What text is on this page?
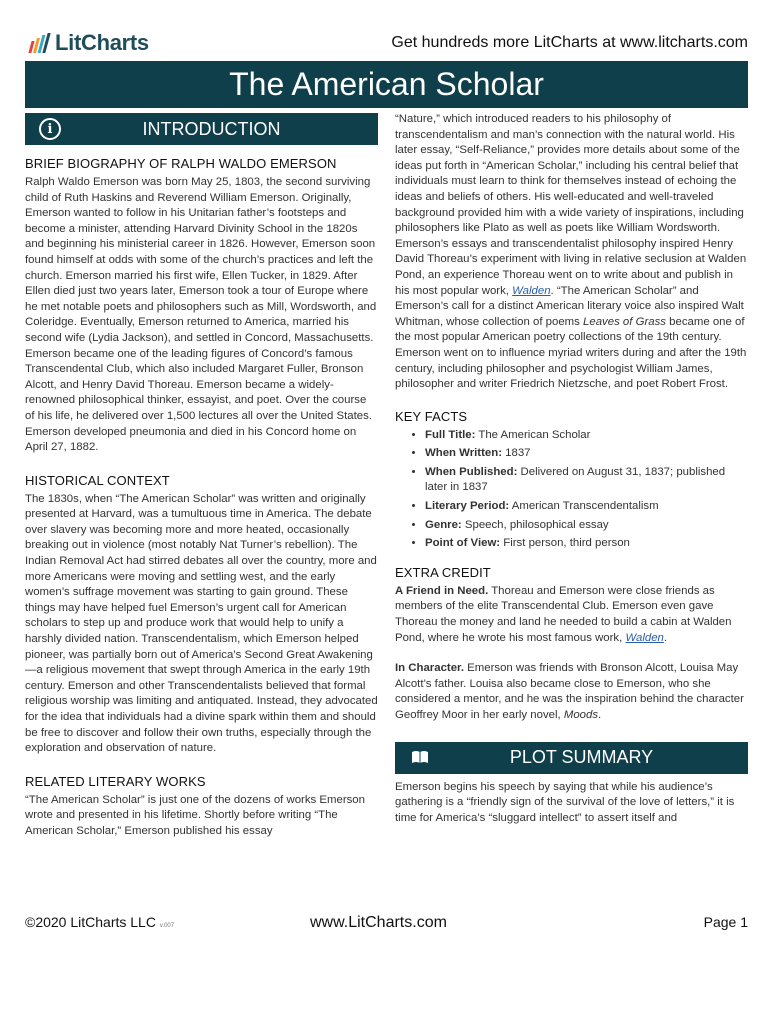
LitCharts	Get hundreds more LitCharts at www.litcharts.com
The American Scholar
i	INTRODUCTION
BRIEF BIOGRAPHY OF RALPH WALDO EMERSON

Ralph Waldo Emerson was born May 25, 1803, the second surviving child of Ruth Haskins and Reverend William Emerson. Originally, Emerson wanted to follow in his Unitarian father’s footsteps and become a minister, attending Harvard Divinity School in the 1820s and beginning his ministerial career in 1826. However, Emerson soon found himself at odds with some of the church’s practices and left the church. Emerson married his first wife, Ellen Tucker, in 1829. After Ellen died just two years later, Emerson took a tour of Europe where he met notable poets and philosophers such as Mill, Wordsworth, and Coleridge. Eventually, Emerson returned to America, married his second wife (Lydia Jackson), and settled in Concord, Massachusetts. Emerson became one of the leading figures of Concord’s famous Transcendental Club, which also included Margaret Fuller, Bronson Alcott, and Henry David Thoreau. Emerson became a widely-renowned philosophical thinker, essayist, and poet. Over the course of his life, he delivered over 1,500 lectures all over the United States. Emerson developed pneumonia and died in his Concord home on April 27, 1882.

HISTORICAL CONTEXT

The 1830s, when “The American Scholar” was written and originally presented at Harvard, was a tumultuous time in America. The debate over slavery was becoming more and more heated, occasionally breaking out in violence (most notably Nat Turner’s rebellion). The Indian Removal Act had stirred debates all over the country, more and more Americans were moving and settling west, and the early women’s suffrage movement was starting to gain ground. These things may have helped fuel Emerson’s urgent call for American scholars to step up and produce work that would help to unify a harshly divided nation. Transcendentalism, which Emerson helped pioneer, was partially born out of America’s Second Great Awakening—a religious movement that swept through America in the early 19th century. Emerson and other Transcendentalists believed that formal religious worship was limiting and antiquated. Instead, they advocated for the idea that individuals had a divine spark within them and should be free to discover and follow their own truths, especially through the exploration and observation of nature.

RELATED LITERARY WORKS

“The American Scholar” is just one of the dozens of works Emerson wrote and presented in his lifetime. Shortly before writing “The American Scholar,” Emerson published his essay

“Nature,” which introduced readers to his philosophy of transcendentalism and man’s connection with the natural world. His later essay, “Self-Reliance,” provides more details about some of the ideas put forth in “American Scholar,” including his central belief that individuals must learn to think for themselves instead of echoing the ideas and beliefs of others. His well-educated and well-traveled background provided him with a wide variety of inspirations, including philosophers like Plato as well as poets like William Wordsworth. Emerson’s essays and transcendentalist philosophy inspired Henry David Thoreau’s experiment with living in relative seclusion at Walden Pond, an experience Thoreau went on to write about and publish in his most popular work, Walden. “The American Scholar” and Emerson’s call for a distinct American literary voice also inspired Walt Whitman, whose collection of poems Leaves of Grass became one of the most popular American poetry collections of the 19th century. Emerson went on to influence myriad writers during and after the 19th century, including philosopher and psychologist William James, philosopher and writer Friedrich Nietzsche, and poet Robert Frost.

KEY FACTS
• Full Title: The American Scholar
• When Written: 1837
• When Published: Delivered on August 31, 1837; published later in 1837
• Literary Period: American Transcendentalism
• Genre: Speech, philosophical essay
• Point of View: First person, third person
EXTRA CREDIT

A Friend in Need. Thoreau and Emerson were close friends as members of the elite Transcendental Club. Emerson even gave Thoreau the money and land he needed to build a cabin at Walden Pond, where he wrote his most famous work, Walden.

In Character. Emerson was friends with Bronson Alcott, Louisa May Alcott’s father. Louisa also became close to Emerson, who she considered a mentor, and he was the inspiration behind the character Geoffrey Moor in her early novel, Moods.

PLOT SUMMARY

Emerson begins his speech by saying that while his audience’s gathering is a “friendly sign of the survival of the love of letters,” it is time for America’s “sluggard intellect” to assert itself and

©2020 LitCharts LLC v.007	www.LitCharts.com	Page 1
